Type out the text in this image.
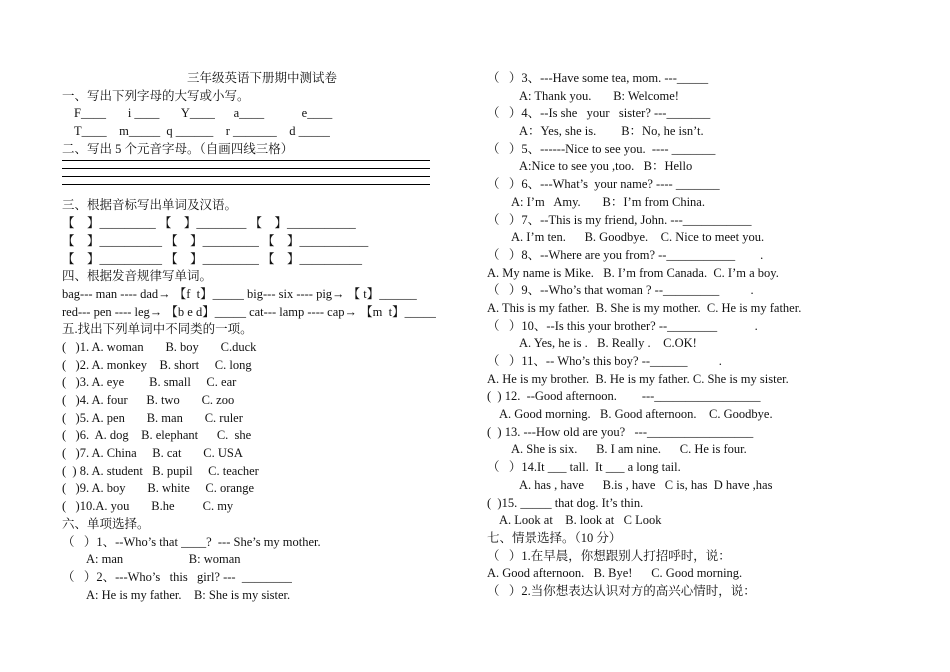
三年级英语下册期中测试卷
一、写出下列字母的大写或小写。
F____       i ____       Y____      a____            e____
T____    m_____  q ______    r _______    d _____
二、写出 5 个元音字母。（自画四线三格）
三、根据音标写出单词及汉语。
【    】_________ 【    】________ 【    】___________
【    】__________ 【    】_________ 【    】___________
【    】__________ 【    】_________ 【    】__________
四、根据发音规律写单词。
bag--- man ---- dad→ 【f  t】_____ big--- six ---- pig→ 【 t】______
red--- pen ---- leg→ 【b e d】_____ cat--- lamp ---- cap→ 【m  t】_____
五.找出下列单词中不同类的一项。
(   )1. A. woman       B. boy       C.duck
(   )2. A. monkey    B. short     C. long
(   )3. A. eye        B. small     C. ear
(   )4. A. four      B. two       C. zoo
(   )5. A. pen       B. man       C. ruler
(   )6.  A. dog    B. elephant      C.  she
(   )7. A. China     B. cat       C. USA
(  ) 8. A. student   B. pupil     C. teacher
(   )9. A. boy       B. white     C. orange
(   )10.A. you       B.he         C. my
六、单项选择。
（   ）1、--Who’s that ____?  --- She’s my mother.
A: man                     B: woman
（   ）2、---Who’s   this   girl? ---  ________
A: He is my father.    B: She is my sister.
（   ）3、---Have some tea, mom. ---_____
A: Thank you.       B: Welcome!
（   ）4、--Is she   your   sister? ---_______
A：Yes, she is.        B：No, he isn’t.
（   ）5、------Nice to see you.  ---- _______
A:Nice to see you ,too.   B：Hello
（   ）6、---What’s  your name? ---- _______
A: I’m   Amy.       B：I’m from China.
（   ）7、--This is my friend, John. ---___________
A. I’m ten.      B. Goodbye.    C. Nice to meet you.
（   ）8、--Where are you from? --___________        .
A. My name is Mike.   B. I’m from Canada.  C. I’m a boy.
（   ）9、--Who’s that woman ? --_________          .
A. This is my father.  B. She is my mother.  C. He is my father.
（   ）10、--Is this your brother? --________            .
A. Yes, he is .   B. Really .    C.OK!
（   ）11、-- Who’s this boy? --______          .
A. He is my brother.  B. He is my father. C. She is my sister.
(  ) 12.  --Good afternoon.        ---_________________
A. Good morning.   B. Good afternoon.    C. Goodbye.
(  ) 13. ---How old are you?   ---_________________
A. She is six.      B. I am nine.      C. He is four.
（   ）14.It ___ tall.  It ___ a long tail.
A. has , have      B.is , have   C is, has  D have ,has
(  )15. _____ that dog. It’s thin.
A. Look at    B. look at   C Look
七、情景选择。（10 分）
（   ）1.在早晨，你想跟别人打招呼时，说：
A. Good afternoon.   B. Bye!      C. Good morning.
（   ）2.当你想表达认识对方的高兴心情时，说：
